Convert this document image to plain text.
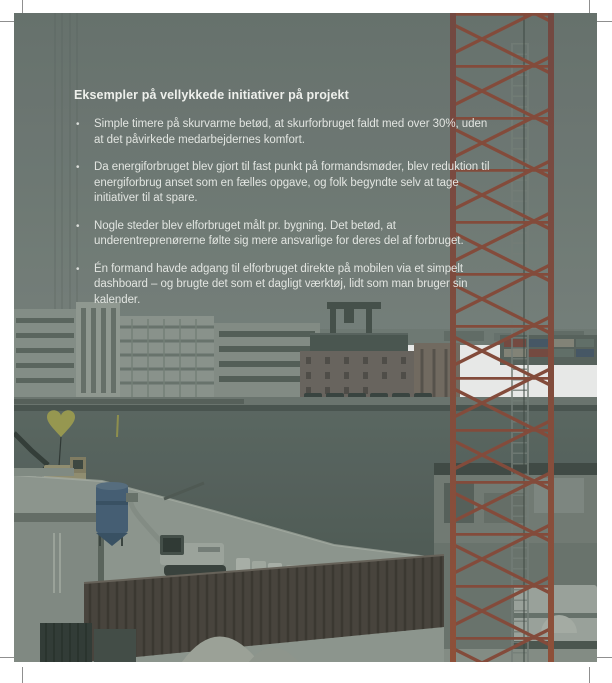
Eksempler på vellykkede initiativer på projekt
• Simple timere på skurvarme betød, at skurforbruget faldt med over 30%, uden at det påvirkede medarbejdernes komfort.
• Da energiforbruget blev gjort til fast punkt på formandsmøder, blev reduktion til energiforbrug anset som en fælles opgave, og folk begyndte selv at tage initiativer til at spare.
• Nogle steder blev elforbruget målt pr. bygning. Det betød, at underentreprenørerne følte sig mere ansvarlige for deres del af forbruget.
• Én formand havde adgang til elforbruget direkte på mobilen via et simpelt dashboard – og brugte det som et dagligt værktøj, lidt som man bruger sin kalender.
